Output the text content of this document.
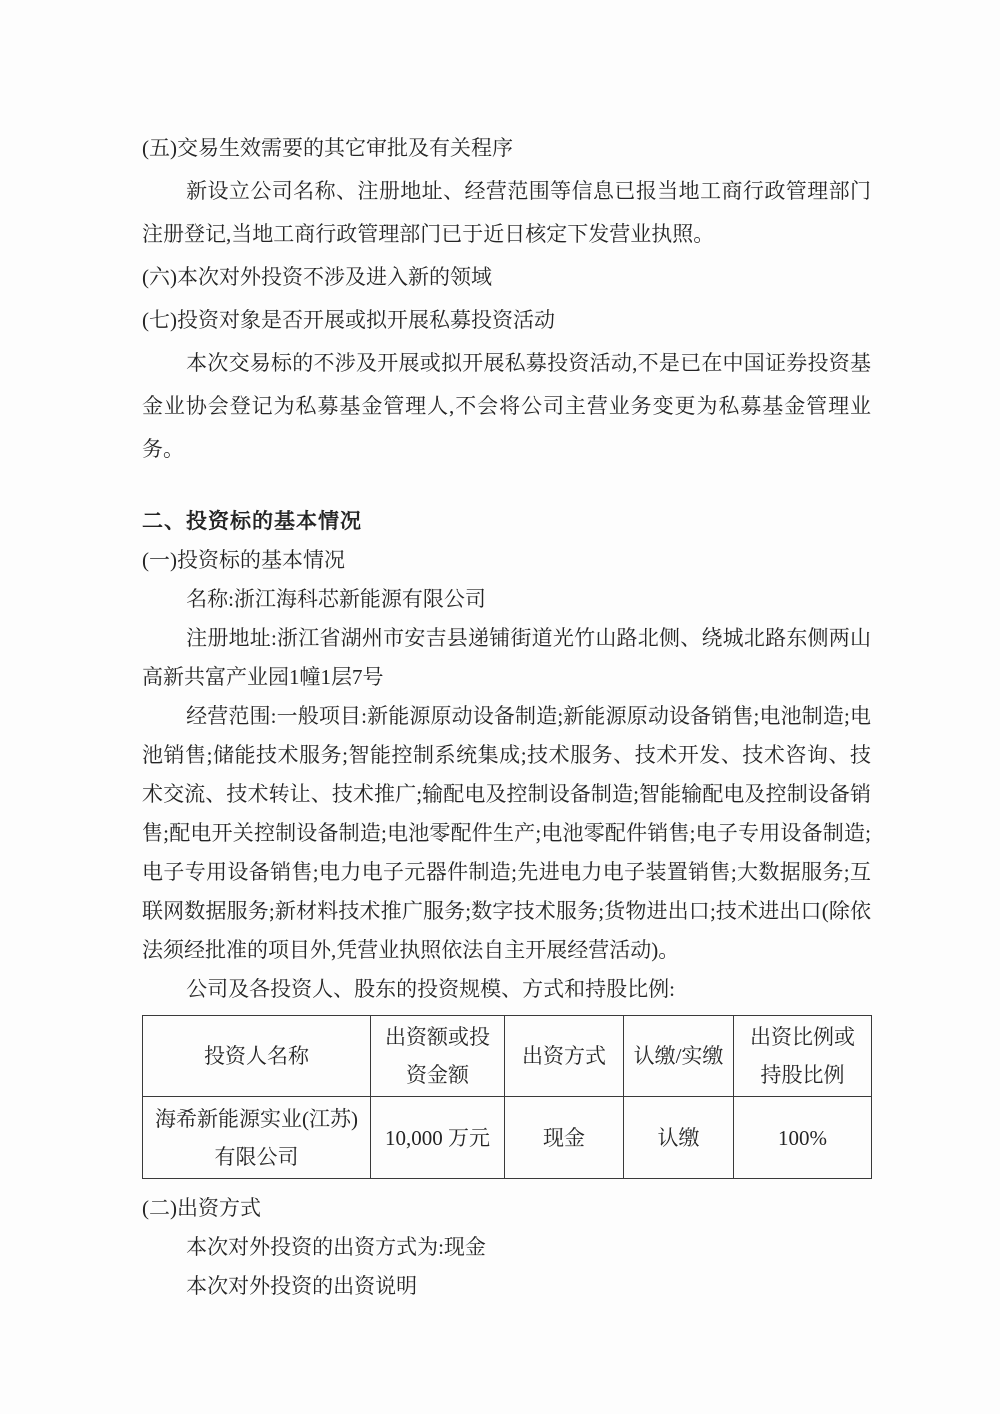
(五)交易生效需要的其它审批及有关程序

新设立公司名称、注册地址、经营范围等信息已报当地工商行政管理部门注册登记,当地工商行政管理部门已于近日核定下发营业执照。

(六)本次对外投资不涉及进入新的领域

(七)投资对象是否开展或拟开展私募投资活动

本次交易标的不涉及开展或拟开展私募投资活动,不是已在中国证券投资基金业协会登记为私募基金管理人,不会将公司主营业务变更为私募基金管理业务。

二、投资标的基本情况

(一)投资标的基本情况

名称:浙江海科芯新能源有限公司

注册地址:浙江省湖州市安吉县递铺街道光竹山路北侧、绕城北路东侧两山高新共富产业园1幢1层7号

经营范围:一般项目:新能源原动设备制造;新能源原动设备销售;电池制造;电池销售;储能技术服务;智能控制系统集成;技术服务、技术开发、技术咨询、技术交流、技术转让、技术推广;输配电及控制设备制造;智能输配电及控制设备销售;配电开关控制设备制造;电池零配件生产;电池零配件销售;电子专用设备制造;电子专用设备销售;电力电子元器件制造;先进电力电子装置销售;大数据服务;互联网数据服务;新材料技术推广服务;数字技术服务;货物进出口;技术进出口(除依法须经批准的项目外,凭营业执照依法自主开展经营活动)。

公司及各投资人、股东的投资规模、方式和持股比例:

投资人名称	出资额或投资金额	出资方式	认缴/实缴	出资比例或持股比例
海希新能源实业(江苏)有限公司	10,000 万元	现金	认缴	100%

(二)出资方式

本次对外投资的出资方式为:现金

本次对外投资的出资说明
